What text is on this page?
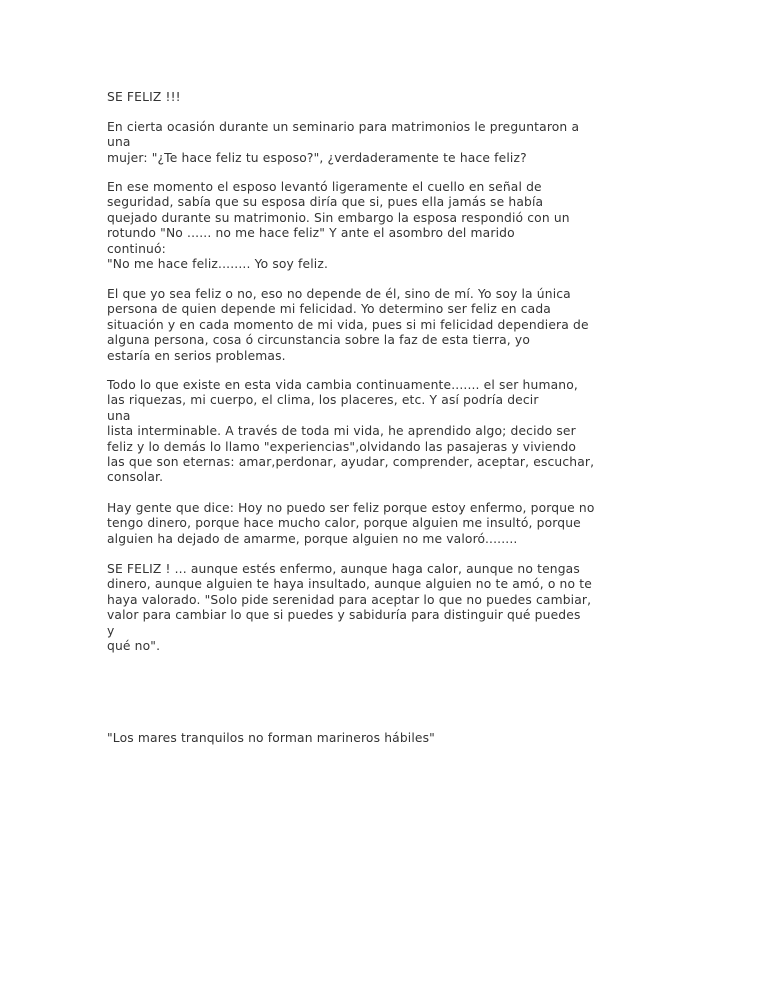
SE FELIZ !!!
En cierta ocasión durante un seminario para matrimonios le preguntaron a
una
mujer: "¿Te hace feliz tu esposo?", ¿verdaderamente te hace feliz?
En ese momento el esposo levantó ligeramente el cuello en señal de
seguridad, sabía que su esposa diría que si, pues ella jamás se había
quejado durante su matrimonio. Sin embargo la esposa respondió con un
rotundo "No ...... no me hace feliz" Y ante el asombro del marido
continuó:
"No me hace feliz........ Yo soy feliz.
El que yo sea feliz o no, eso no depende de él, sino de mí. Yo soy la única
persona de quien depende mi felicidad. Yo determino ser feliz en cada
situación y en cada momento de mi vida, pues si mi felicidad dependiera de
alguna persona, cosa ó circunstancia sobre la faz de esta tierra, yo
estaría en serios problemas.
Todo lo que existe en esta vida cambia continuamente....... el ser humano,
las riquezas, mi cuerpo, el clima, los placeres, etc. Y así podría decir
una
lista interminable. A través de toda mi vida, he aprendido algo; decido ser
feliz y lo demás lo llamo "experiencias",olvidando las pasajeras y viviendo
las que son eternas: amar,perdonar, ayudar, comprender, aceptar, escuchar,
consolar.
Hay gente que dice: Hoy no puedo ser feliz porque estoy enfermo, porque no
tengo dinero, porque hace mucho calor, porque alguien me insultó, porque
alguien ha dejado de amarme, porque alguien no me valoró........
SE FELIZ ! ... aunque estés enfermo, aunque haga calor, aunque no tengas
dinero, aunque alguien te haya insultado, aunque alguien no te amó, o no te
haya valorado. "Solo pide serenidad para aceptar lo que no puedes cambiar,
valor para cambiar lo que si puedes y sabiduría para distinguir qué puedes
y
qué no".
"Los mares tranquilos no forman marineros hábiles"
